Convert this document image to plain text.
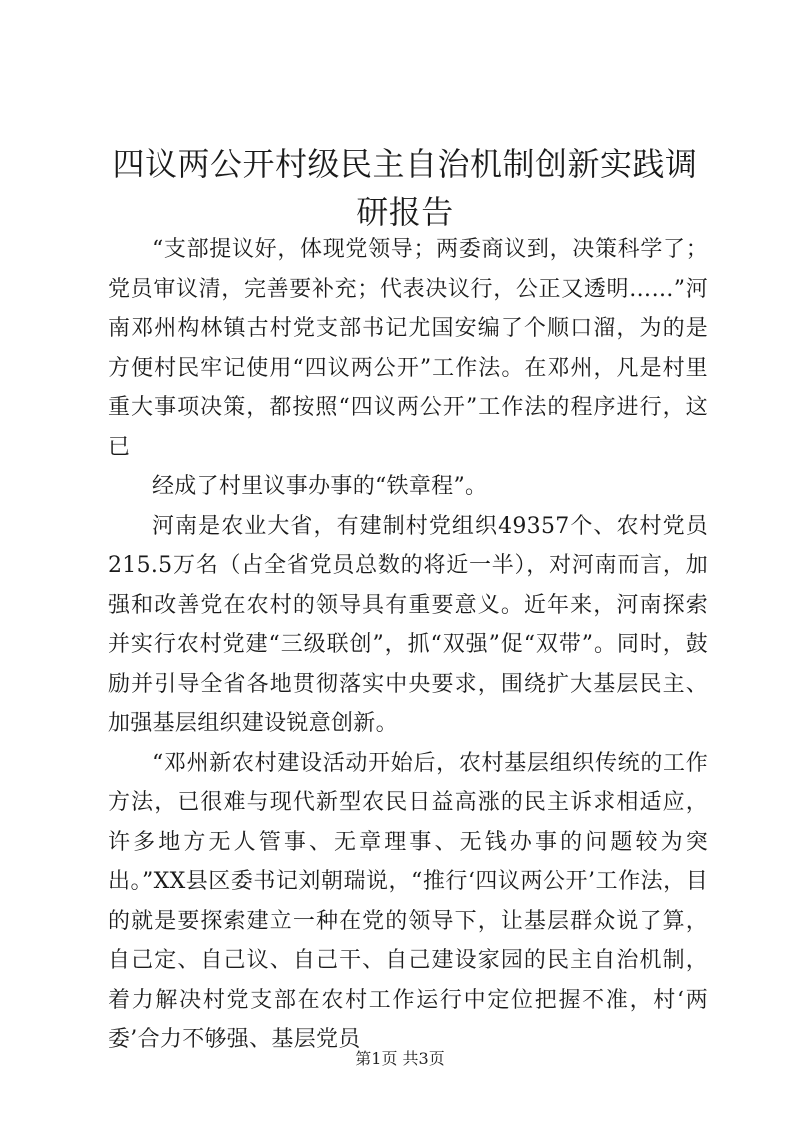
四议两公开村级民主自治机制创新实践调研报告

“支部提议好，体现党领导；两委商议到，决策科学了；党员审议清，完善要补充；代表决议行，公正又透明……”河南邓州构林镇古村党支部书记尤国安编了个顺口溜，为的是方便村民牢记使用“四议两公开”工作法。在邓州，凡是村里重大事项决策，都按照“四议两公开”工作法的程序进行，这已

经成了村里议事办事的“铁章程”。

河南是农业大省，有建制村党组织49357个、农村党员215.5万名（占全省党员总数的将近一半），对河南而言，加强和改善党在农村的领导具有重要意义。近年来，河南探索并实行农村党建“三级联创”，抓“双强”促“双带”。同时，鼓励并引导全省各地贯彻落实中央要求，围绕扩大基层民主、加强基层组织建设锐意创新。

“邓州新农村建设活动开始后，农村基层组织传统的工作方法，已很难与现代新型农民日益高涨的民主诉求相适应，许多地方无人管事、无章理事、无钱办事的问题较为突出。”XX县区委书记刘朝瑞说，“推行‘四议两公开’工作法，目的就是要探索建立一种在党的领导下，让基层群众说了算，自己定、自己议、自己干、自己建设家园的民主自治机制，着力解决村党支部在农村工作运行中定位把握不准，村‘两委’合力不够强、基层党员

第1页 共3页
